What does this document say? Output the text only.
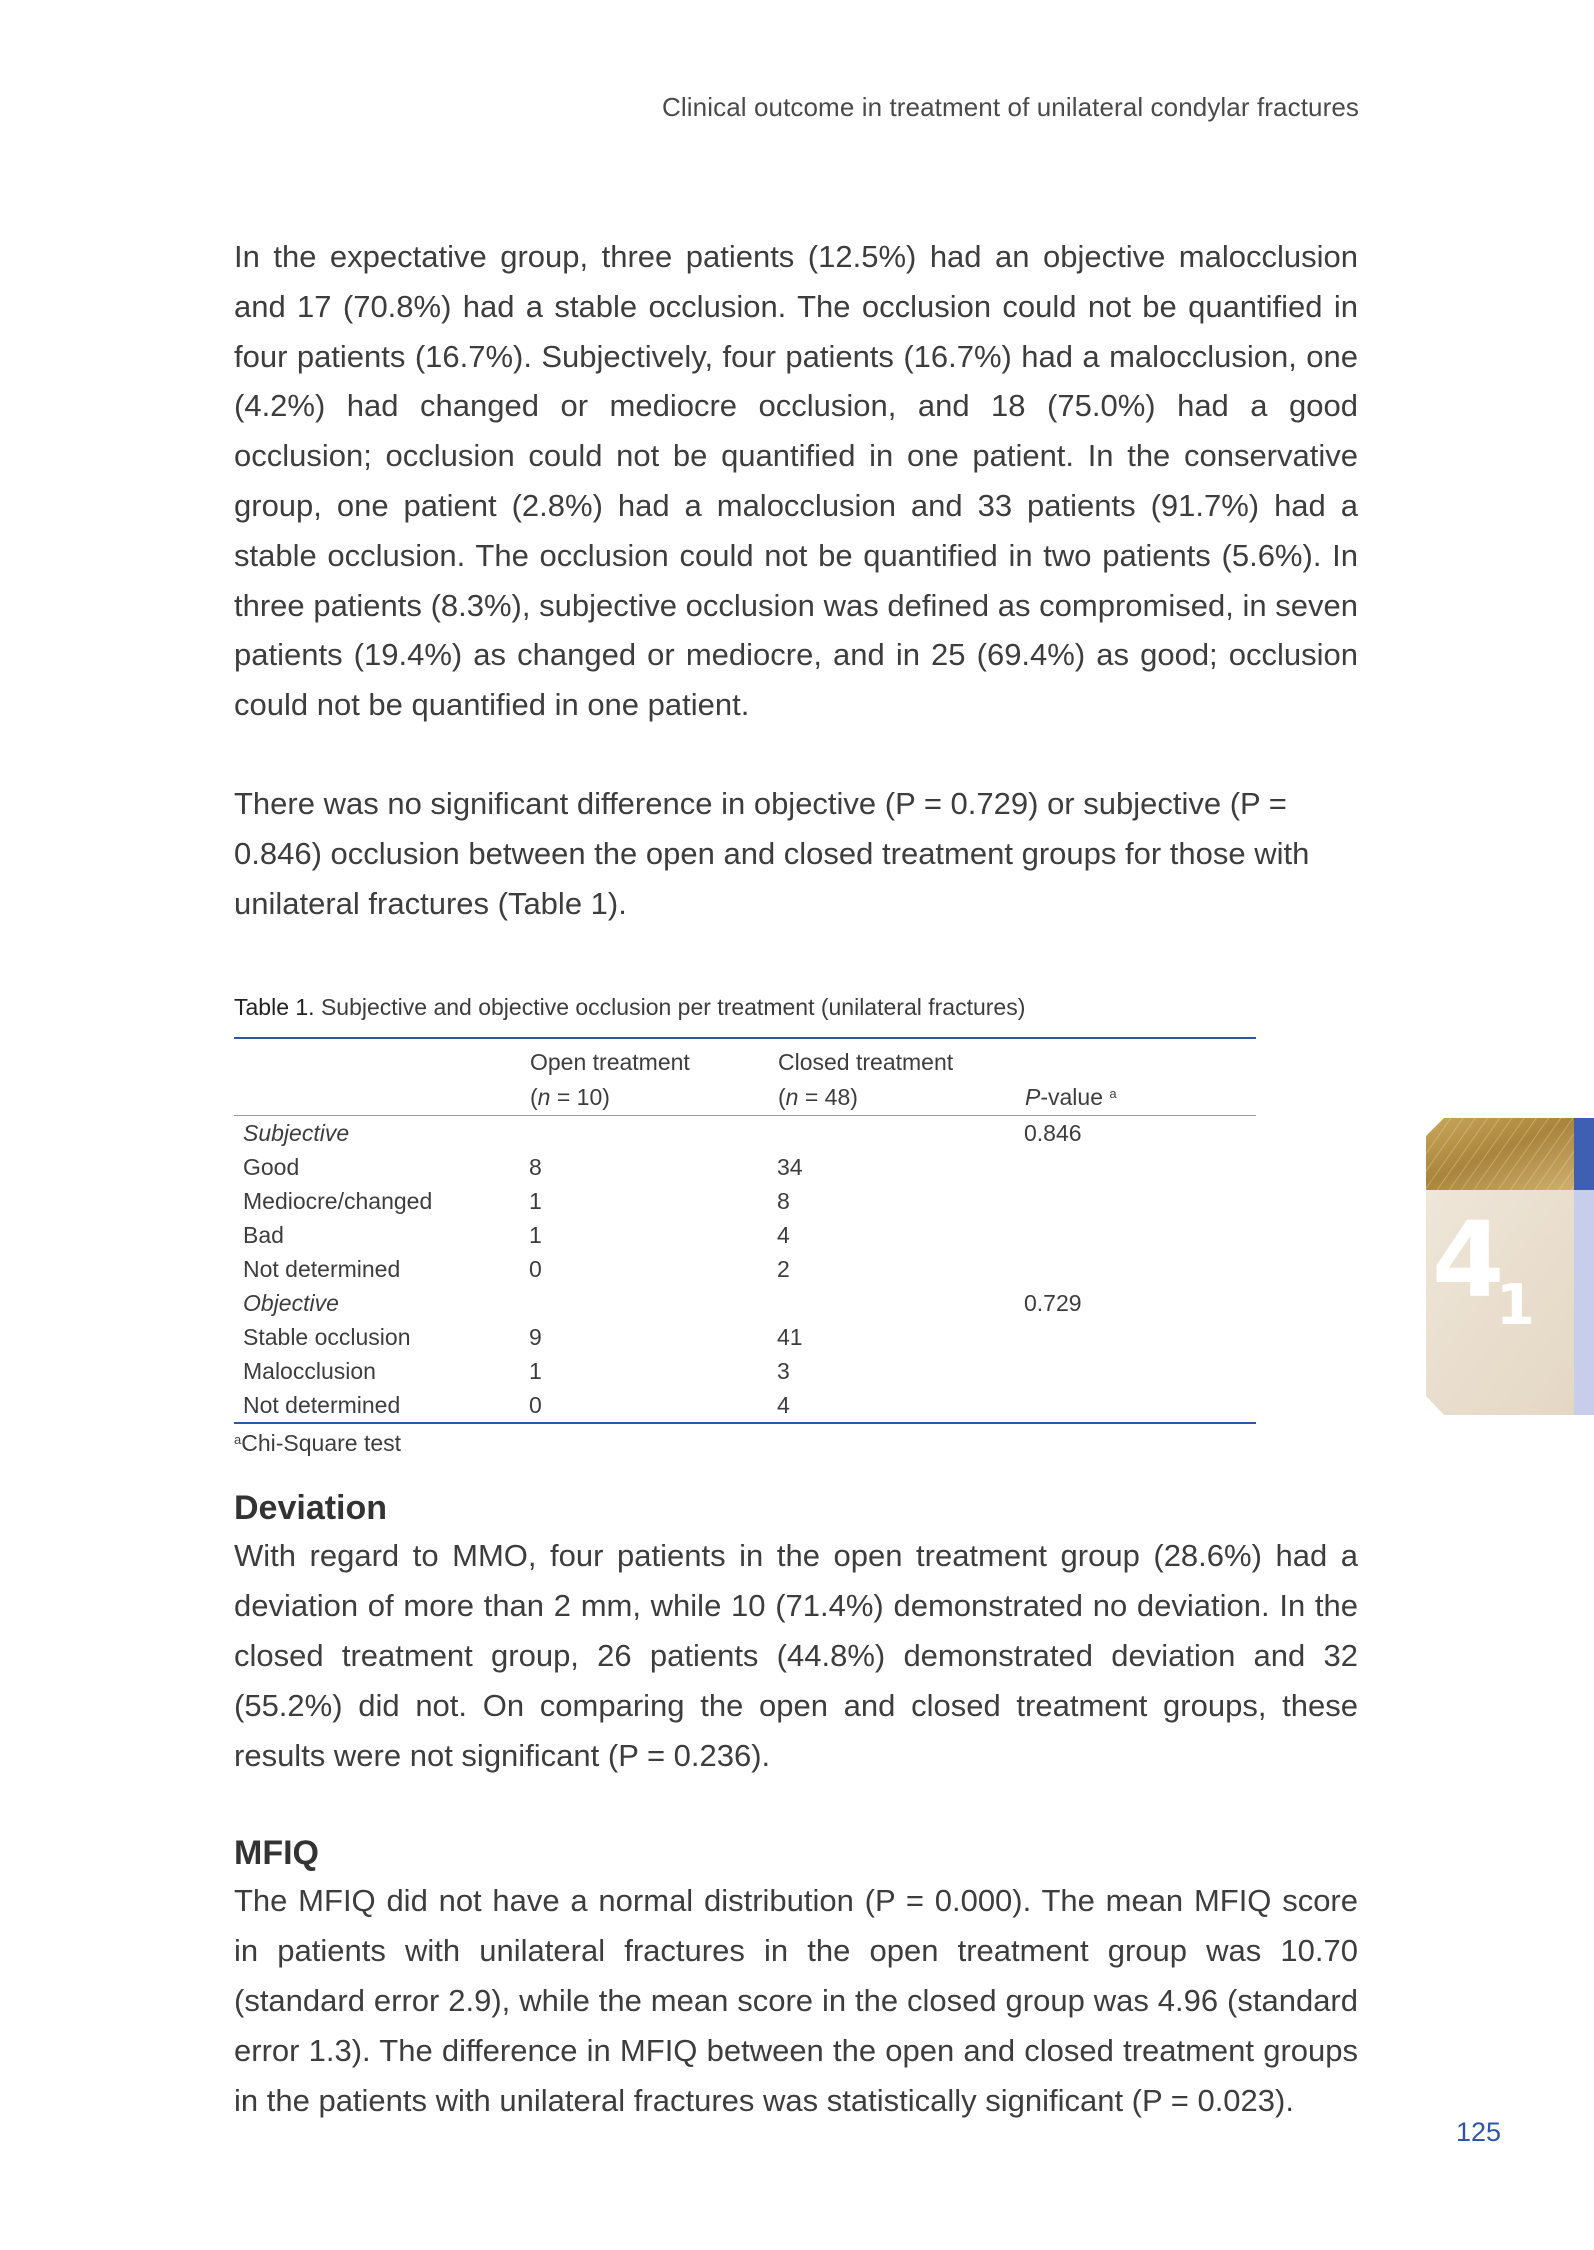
Clinical outcome in treatment of unilateral condylar fractures

In the expectative group, three patients (12.5%) had an objective malocclusion and 17 (70.8%) had a stable occlusion. The occlusion could not be quantified in four patients (16.7%). Subjectively, four patients (16.7%) had a malocclusion, one (4.2%) had changed or mediocre occlusion, and 18 (75.0%) had a good occlusion; occlusion could not be quantified in one patient. In the conservative group, one patient (2.8%) had a malocclusion and 33 patients (91.7%) had a stable occlusion. The occlusion could not be quantified in two patients (5.6%). In three patients (8.3%), subjective occlusion was defined as compromised, in seven patients (19.4%) as changed or mediocre, and in 25 (69.4%) as good; occlusion could not be quantified in one patient.

There was no significant difference in objective (P = 0.729) or subjective (P = 0.846) occlusion between the open and closed treatment groups for those with unilateral fractures (Table 1).

Table 1. Subjective and objective occlusion per treatment (unilateral fractures)
	Open treatment	Closed treatment	
	(n = 10)	(n = 48)	P-value $^a$
Subjective			0.846
Good	8	34	
Mediocre/changed	1	8	
Bad	1	4	
Not determined	0	2	
Objective			0.729
Stable occlusion	9	41	
Malocclusion	1	3	
Not determined	0	4	
$^a$Chi-Square test
Deviation

With regard to MMO, four patients in the open treatment group (28.6%) had a deviation of more than 2 mm, while 10 (71.4%) demonstrated no deviation. In the closed treatment group, 26 patients (44.8%) demonstrated deviation and 32 (55.2%) did not. On comparing the open and closed treatment groups, these results were not significant (P = 0.236).

MFIQ

The MFIQ did not have a normal distribution (P = 0.000). The mean MFIQ score in patients with unilateral fractures in the open treatment group was 10.70 (standard error 2.9), while the mean score in the closed group was 4.96 (standard error 1.3). The difference in MFIQ between the open and closed treatment groups in the patients with unilateral fractures was statistically significant (P = 0.023).

4
1
125
